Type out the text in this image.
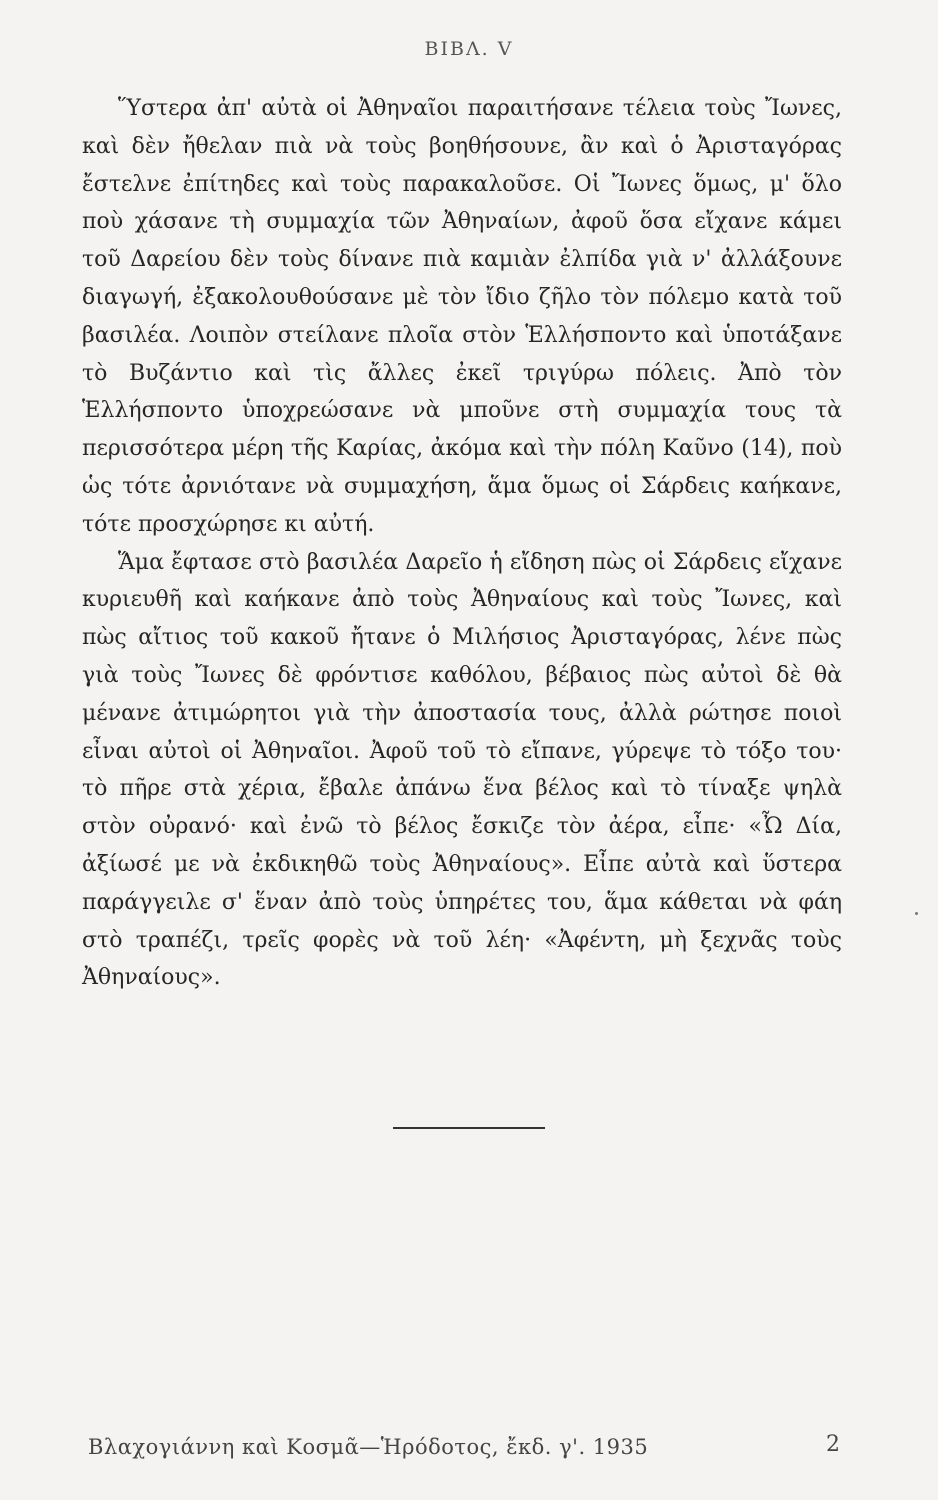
ΒΙΒΛ. V

Ὕστερα ἀπ' αὐτὰ οἱ Ἀθηναῖοι παραιτήσανε τέλεια τοὺς Ἴωνες, καὶ δὲν ἤθελαν πιὰ νὰ τοὺς βοηθήσουνε, ἂν καὶ ὁ Ἀρισταγόρας ἔστελνε ἐπίτηδες καὶ τοὺς παρακαλοῦσε. Οἱ Ἴωνες ὅμως, μ' ὅλο ποὺ χάσανε τὴ συμμαχία τῶν Ἀθηναίων, ἀφοῦ ὅσα εἴχανε κάμει τοῦ Δαρείου δὲν τοὺς δίνανε πιὰ καμιὰν ἐλπίδα γιὰ ν' ἀλλάξουνε διαγωγή, ἐξακολουθούσανε μὲ τὸν ἴδιο ζῆλο τὸν πόλεμο κατὰ τοῦ βασιλέα. Λοιπὸν στείλανε πλοῖα στὸν Ἑλλήσποντο καὶ ὑποτάξανε τὸ Βυζάντιο καὶ τὶς ἄλλες ἐκεῖ τριγύρω πόλεις. Ἀπὸ τὸν Ἑλλήσποντο ὑποχρεώσανε νὰ μποῦνε στὴ συμμαχία τους τὰ περισσότερα μέρη τῆς Καρίας, ἀκόμα καὶ τὴν πόλη Καῦνο (14), ποὺ ὡς τότε ἀρνιότανε νὰ συμμαχήση, ἅμα ὅμως οἱ Σάρδεις καήκανε, τότε προσχώρησε κι αὐτή.

Ἅμα ἔφτασε στὸ βασιλέα Δαρεῖο ἡ εἴδηση πὼς οἱ Σάρδεις εἴχανε κυριευθῆ καὶ καήκανε ἀπὸ τοὺς Ἀθηναίους καὶ τοὺς Ἴωνες, καὶ πὼς αἴτιος τοῦ κακοῦ ἤτανε ὁ Μιλήσιος Ἀρισταγόρας, λένε πὼς γιὰ τοὺς Ἴωνες δὲ φρόντισε καθόλου, βέβαιος πὼς αὐτοὶ δὲ θὰ μένανε ἀτιμώρητοι γιὰ τὴν ἀποστασία τους, ἀλλὰ ρώτησε ποιοὶ εἶναι αὐτοὶ οἱ Ἀθηναῖοι. Ἀφοῦ τοῦ τὸ εἴπανε, γύρεψε τὸ τόξο του· τὸ πῆρε στὰ χέρια, ἔβαλε ἀπάνω ἕνα βέλος καὶ τὸ τίναξε ψηλὰ στὸν οὐρανό· καὶ ἐνῶ τὸ βέλος ἔσκιζε τὸν ἀέρα, εἶπε· «Ὦ Δία, ἀξίωσέ με νὰ ἐκδικηθῶ τοὺς Ἀθηναίους». Εἶπε αὐτὰ καὶ ὕστερα παράγγειλε σ' ἕναν ἀπὸ τοὺς ὑπηρέτες του, ἅμα κάθεται νὰ φάη στὸ τραπέζι, τρεῖς φορὲς νὰ τοῦ λέη· «Ἀφέντη, μὴ ξεχνᾶς τοὺς Ἀθηναίους».

Βλαχογιάννη καὶ Κοσμᾶ—Ἡρόδοτος, ἔκδ. γ'. 1935	2
